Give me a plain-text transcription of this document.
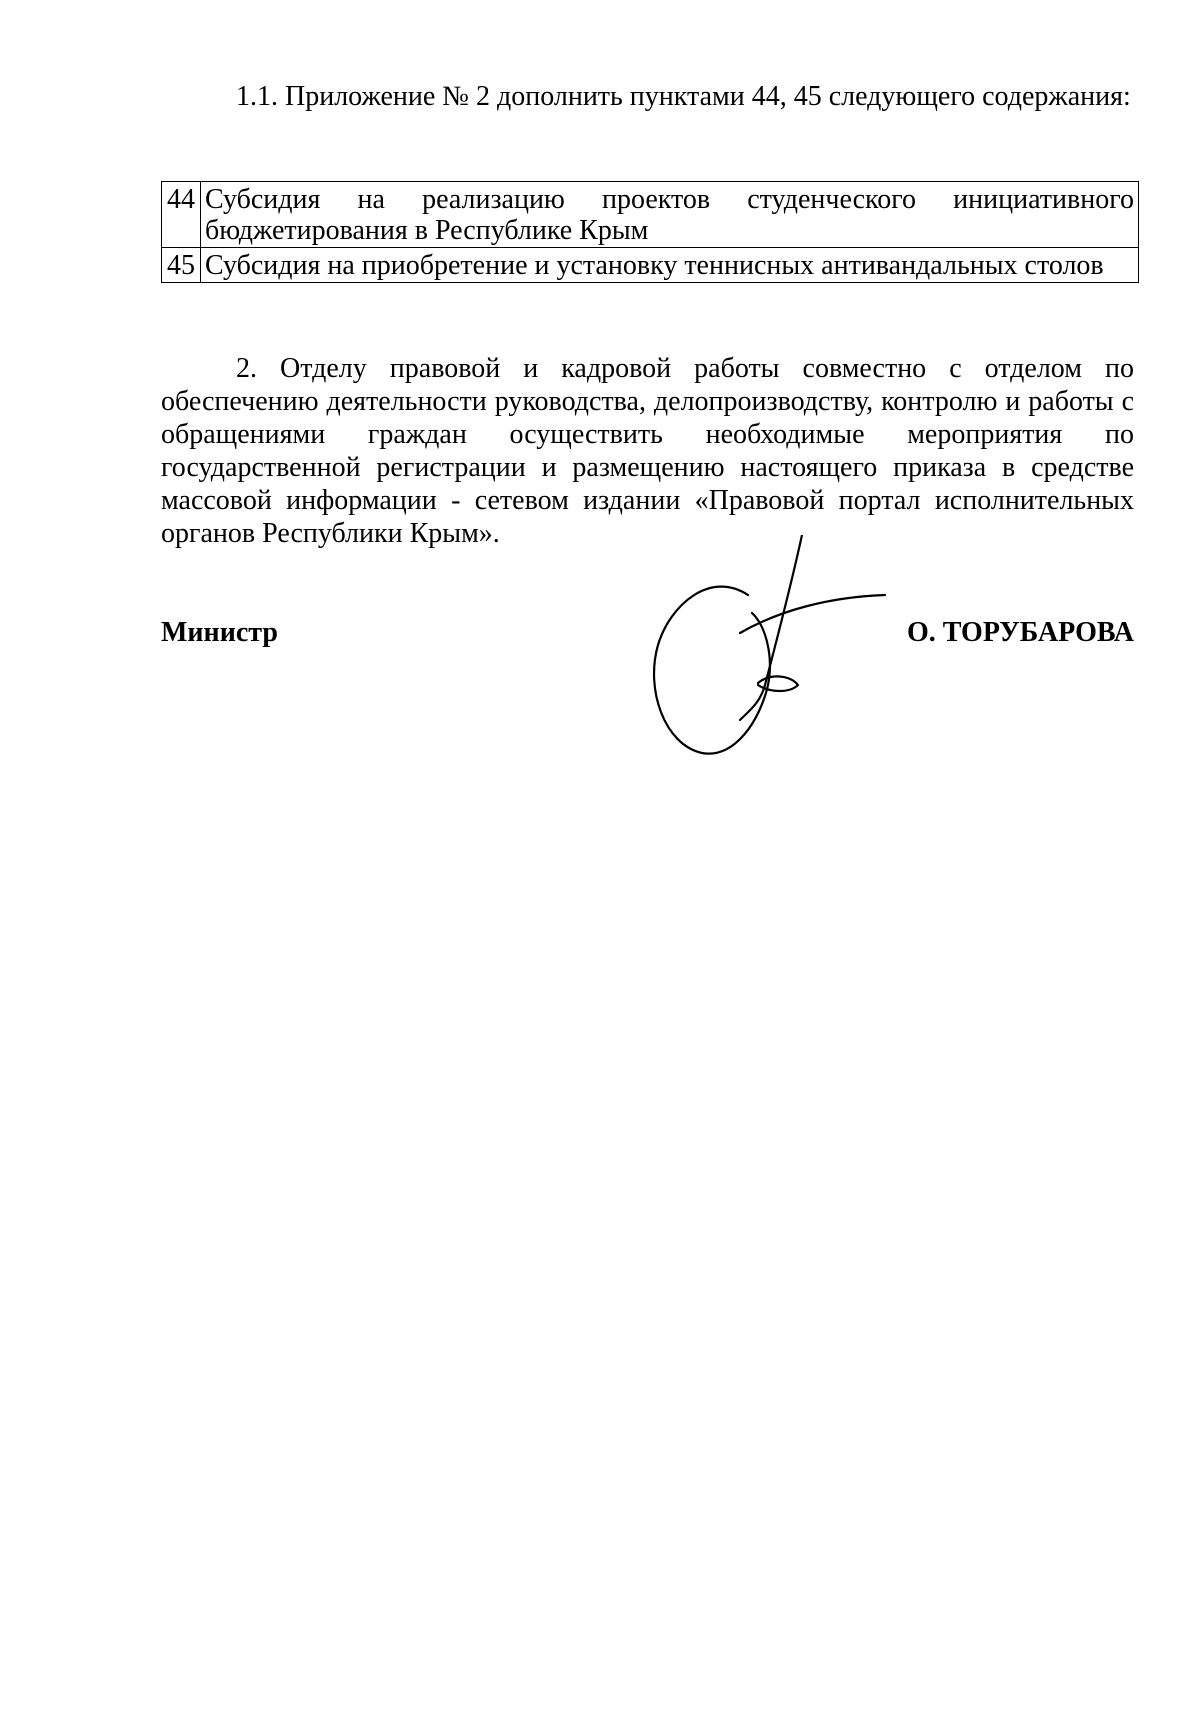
1.1. Приложение № 2 дополнить пунктами 44, 45 следующего содержания:

44	Субсидия на реализацию проектов студенческого инициативного бюджетирования в Республике Крым
45	Субсидия на приобретение и установку теннисных антивандальных столов

2. Отделу правовой и кадровой работы совместно с отделом по обеспечению деятельности руководства, делопроизводству, контролю и работы с обращениями граждан осуществить необходимые мероприятия по государственной регистрации и размещению настоящего приказа в средстве массовой информации - сетевом издании «Правовой портал исполнительных органов Республики Крым».

Министр	О. ТОРУБАРОВА
